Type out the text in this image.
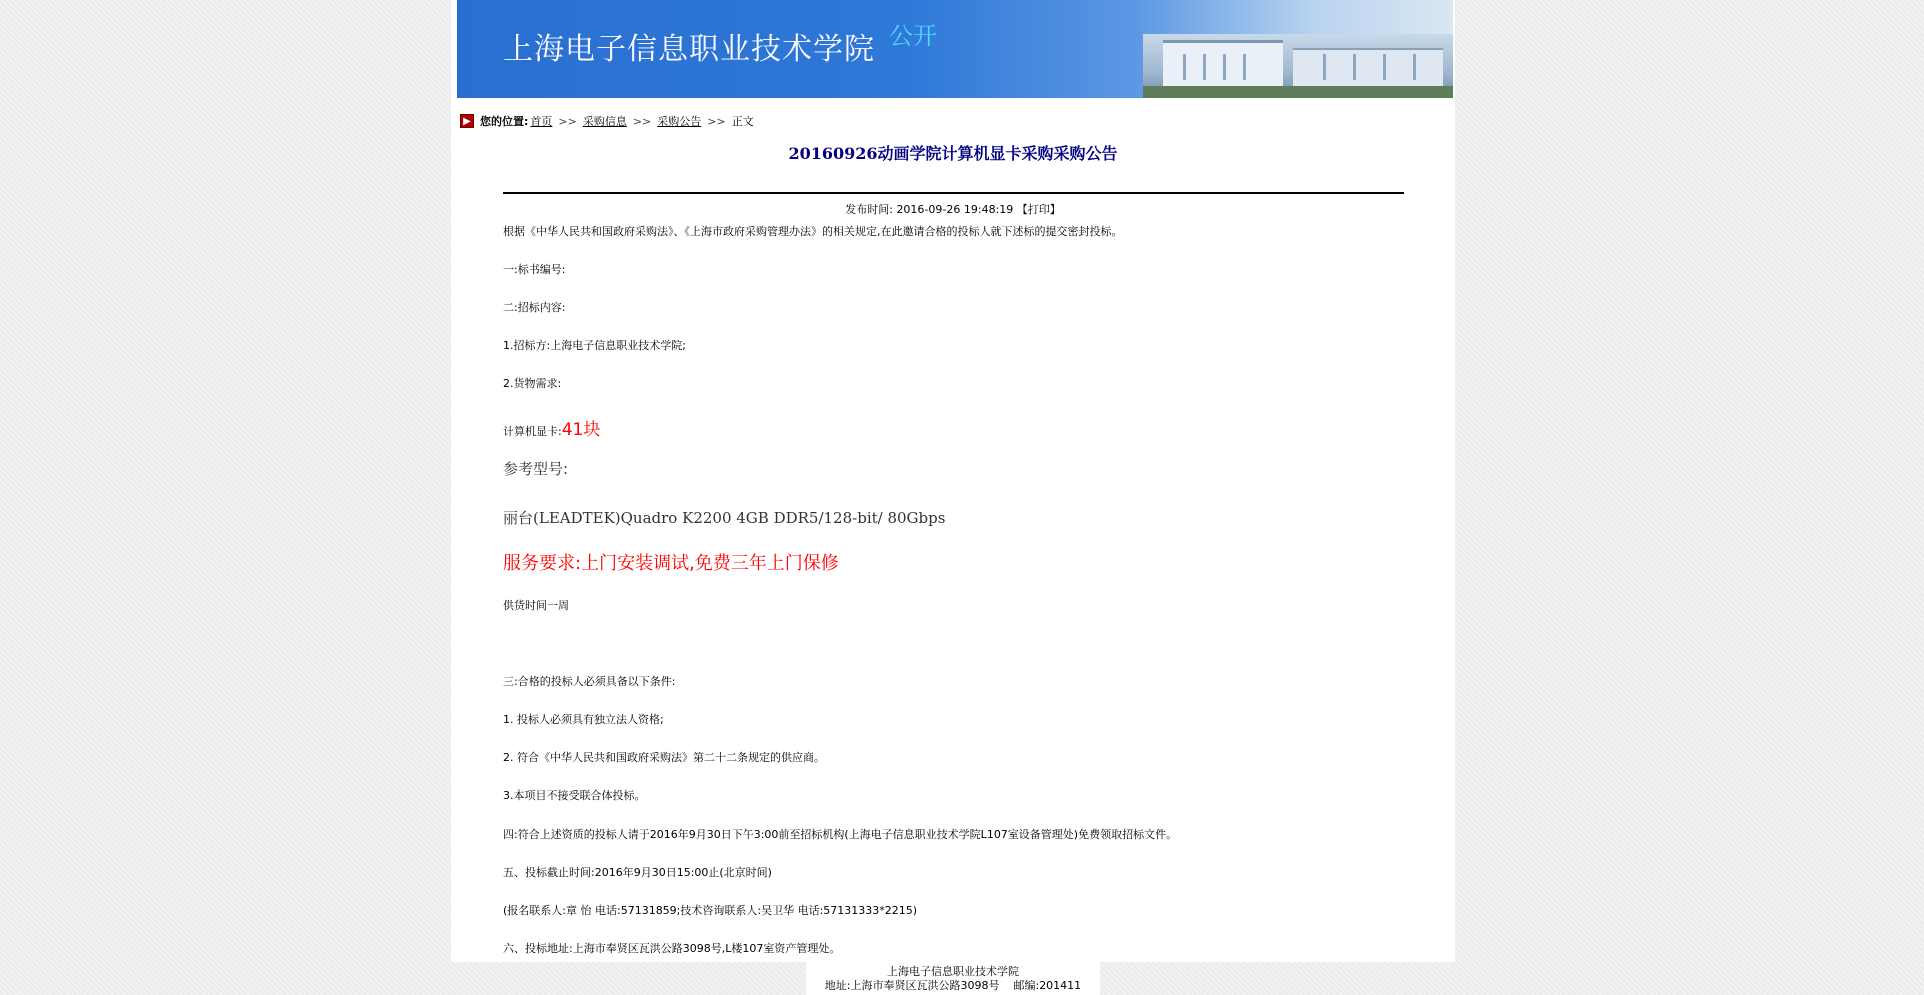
上海电子信息职业技术学院 公开
▶ 您的位置: 首页 >> 采购信息 >> 采购公告 >> 正文
20160926动画学院计算机显卡采购采购公告
发布时间: 2016-09-26 19:48:19 【打印】
根据《中华人民共和国政府采购法》、《上海市政府采购管理办法》的相关规定,在此邀请合格的投标人就下述标的提交密封投标。
一:标书编号:
二:招标内容:
1.招标方:上海电子信息职业技术学院;
2.货物需求:
计算机显卡:41块
参考型号:
丽台(LEADTEK)Quadro K2200 4GB DDR5/128-bit/ 80Gbps
服务要求:上门安装调试,免费三年上门保修
供货时间一周
三:合格的投标人必须具备以下条件:
1. 投标人必须具有独立法人资格;
2. 符合《中华人民共和国政府采购法》第二十二条规定的供应商。
3.本项目不接受联合体投标。
四:符合上述资质的投标人请于2016年9月30日下午3:00前至招标机构(上海电子信息职业技术学院L107室设备管理处)免费领取招标文件。
五、投标截止时间:2016年9月30日15:00止(北京时间)
(报名联系人:章 怡 电话:57131859;技术咨询联系人:吴卫华 电话:57131333*2215)
六、投标地址:上海市奉贤区瓦洪公路3098号,L楼107室资产管理处。
上海电子信息职业技术学院
地址:上海市奉贤区瓦洪公路3098号    邮编:201411
